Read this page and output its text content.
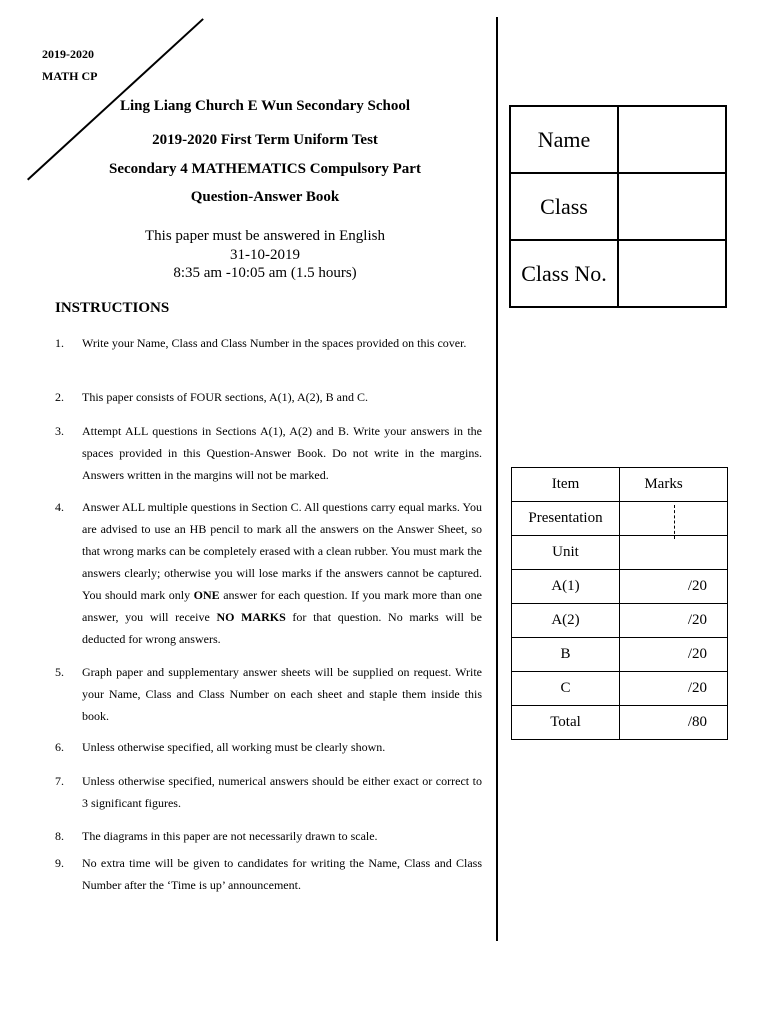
2019-2020
MATH CP
Ling Liang Church E Wun Secondary School
2019-2020 First Term Uniform Test
Secondary 4 MATHEMATICS Compulsory Part
Question-Answer Book
This paper must be answered in English
31-10-2019
8:35 am -10:05 am (1.5 hours)
INSTRUCTIONS
1. Write your Name, Class and Class Number in the spaces provided on this cover.
2. This paper consists of FOUR sections, A(1), A(2), B and C.
3. Attempt ALL questions in Sections A(1), A(2) and B. Write your answers in the spaces provided in this Question-Answer Book. Do not write in the margins. Answers written in the margins will not be marked.
4. Answer ALL multiple questions in Section C. All questions carry equal marks. You are advised to use an HB pencil to mark all the answers on the Answer Sheet, so that wrong marks can be completely erased with a clean rubber. You must mark the answers clearly; otherwise you will lose marks if the answers cannot be captured. You should mark only ONE answer for each question. If you mark more than one answer, you will receive NO MARKS for that question. No marks will be deducted for wrong answers.
5. Graph paper and supplementary answer sheets will be supplied on request. Write your Name, Class and Class Number on each sheet and staple them inside this book.
6. Unless otherwise specified, all working must be clearly shown.
7. Unless otherwise specified, numerical answers should be either exact or correct to 3 significant figures.
8. The diagrams in this paper are not necessarily drawn to scale.
9. No extra time will be given to candidates for writing the Name, Class and Class Number after the ‘Time is up’ announcement.
Name	
Class	
Class No.	
Item	Marks
Presentation	

Unit	
A(1)	/20
A(2)	/20
B	/20
C	/20
Total	/80
